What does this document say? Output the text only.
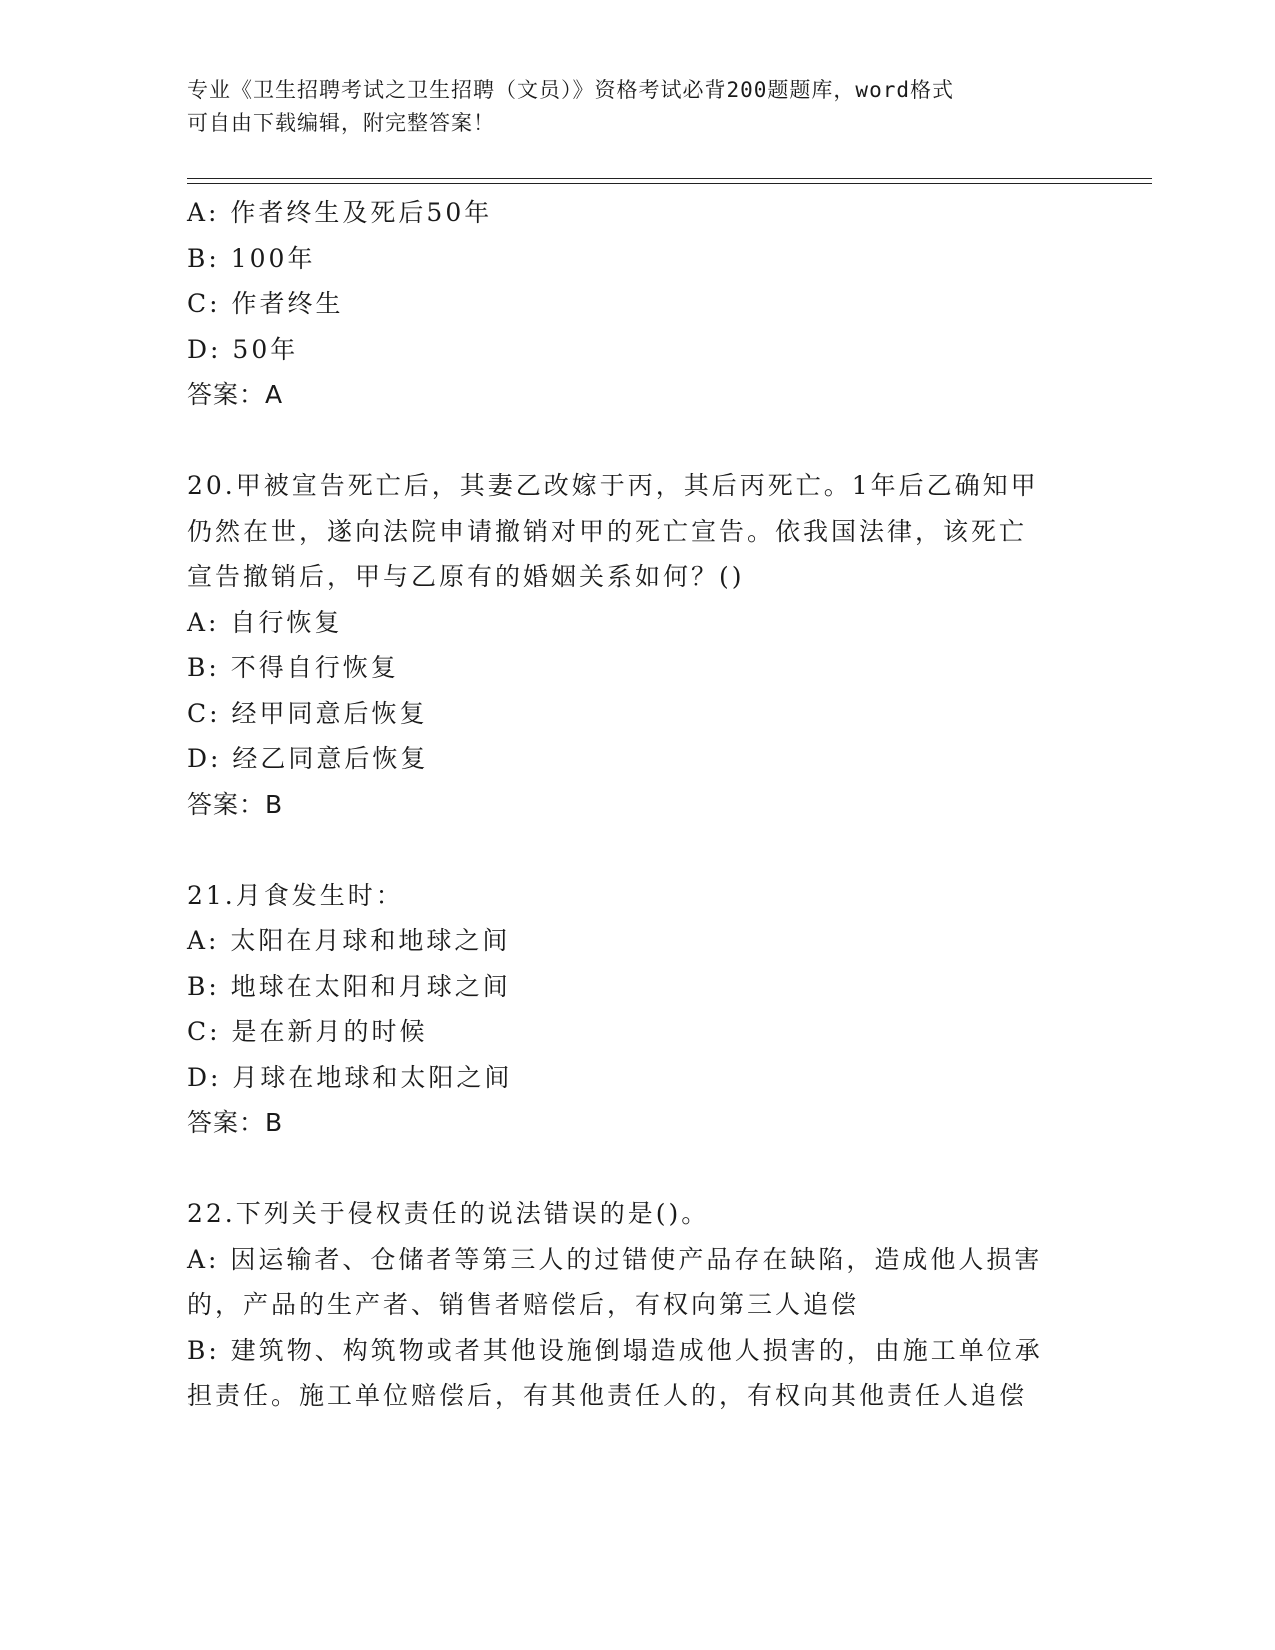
专业《卫生招聘考试之卫生招聘（文员）》资格考试必背200题题库，word格式
可自由下载编辑，附完整答案！
A: 作者终生及死后50年
B: 100年
C: 作者终生
D: 50年
答案：A
20.甲被宣告死亡后，其妻乙改嫁于丙，其后丙死亡。1年后乙确知甲
仍然在世，遂向法院申请撤销对甲的死亡宣告。依我国法律，该死亡
宣告撤销后，甲与乙原有的婚姻关系如何？()
A: 自行恢复
B: 不得自行恢复
C: 经甲同意后恢复
D: 经乙同意后恢复
答案：B
21.月食发生时：
A: 太阳在月球和地球之间
B: 地球在太阳和月球之间
C: 是在新月的时候
D: 月球在地球和太阳之间
答案：B
22.下列关于侵权责任的说法错误的是()。
A: 因运输者、仓储者等第三人的过错使产品存在缺陷，造成他人损害
的，产品的生产者、销售者赔偿后，有权向第三人追偿
B: 建筑物、构筑物或者其他设施倒塌造成他人损害的，由施工单位承
担责任。施工单位赔偿后，有其他责任人的，有权向其他责任人追偿
